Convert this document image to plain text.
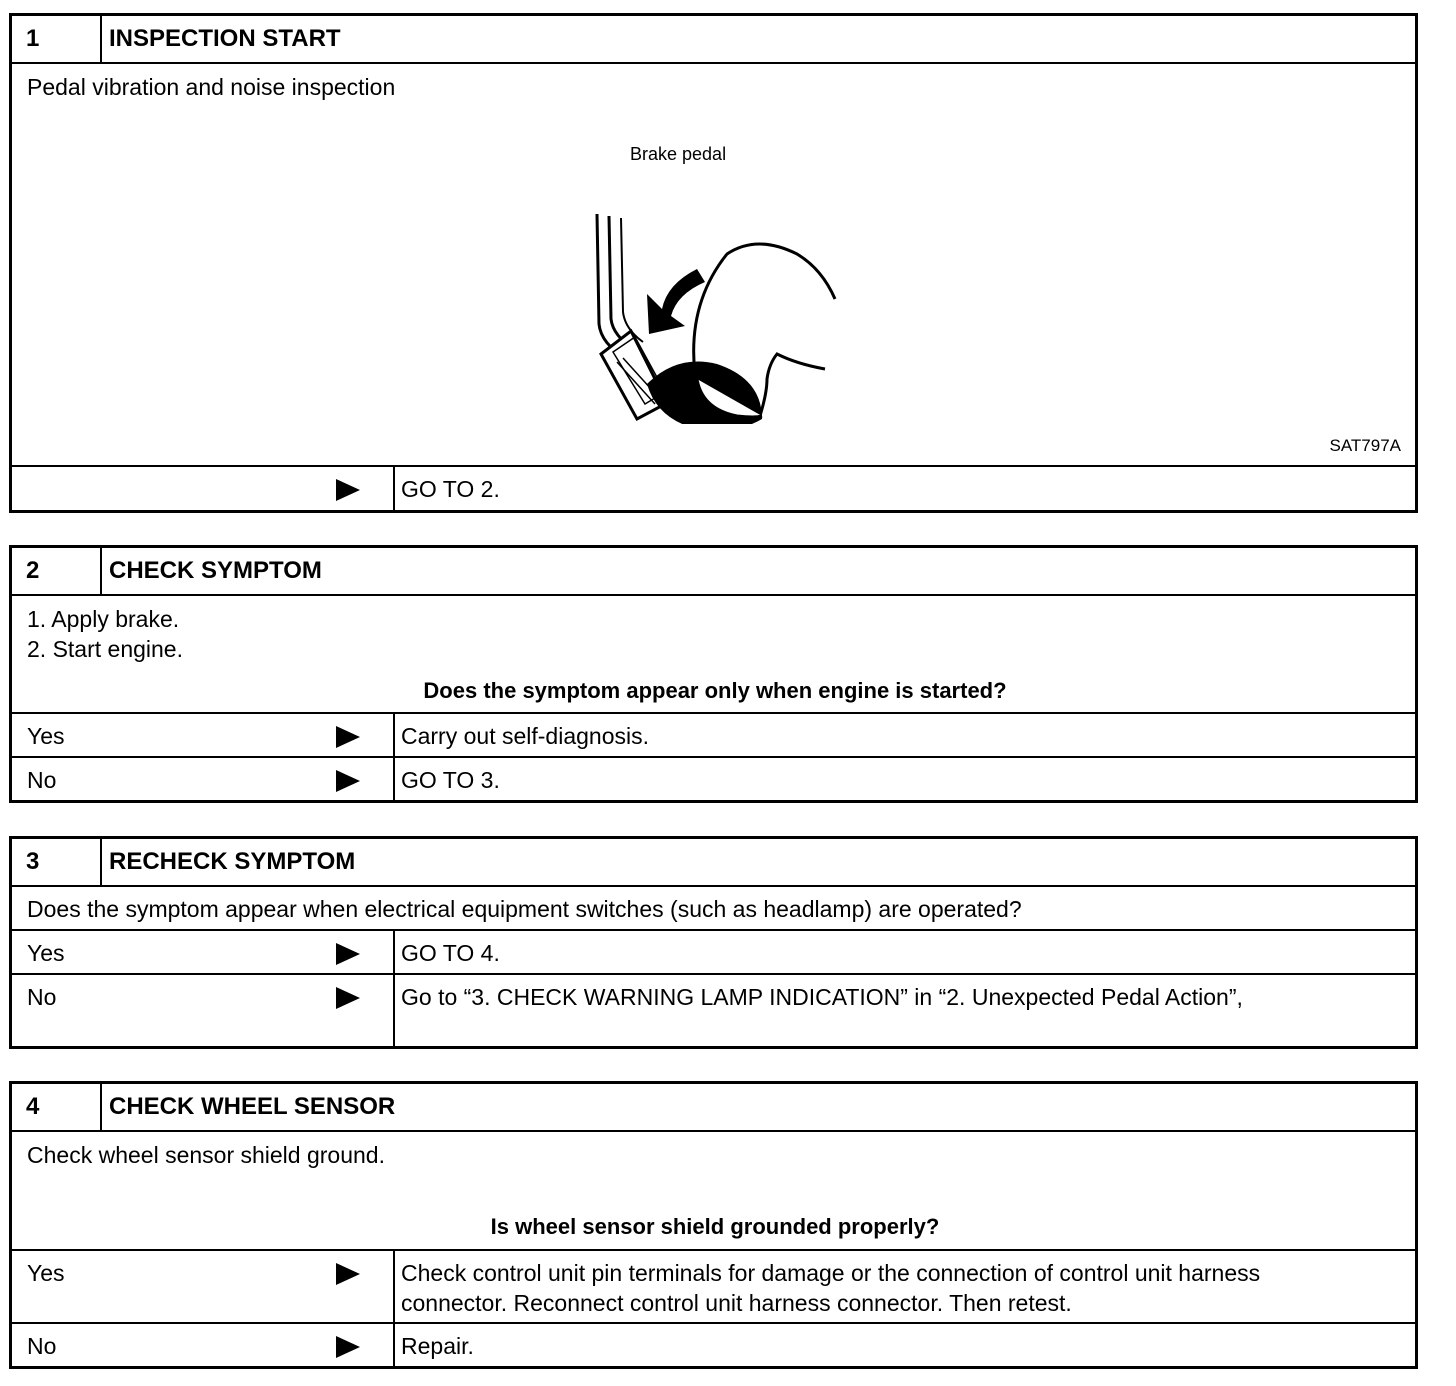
1	INSPECTION START
Pedal vibration and noise inspection
Brake pedal
SAT797A
GO TO 2.
2	CHECK SYMPTOM
1. Apply brake.
2. Start engine.
Does the symptom appear only when engine is started?
Yes	Carry out self-diagnosis.
No	GO TO 3.
3	RECHECK SYMPTOM
Does the symptom appear when electrical equipment switches (such as headlamp) are operated?
Yes	GO TO 4.
No	Go to “3. CHECK WARNING LAMP INDICATION” in “2. Unexpected Pedal Action”,
4	CHECK WHEEL SENSOR
Check wheel sensor shield ground.
Is wheel sensor shield grounded properly?
Yes	Check control unit pin terminals for damage or the connection of control unit harness
connector. Reconnect control unit harness connector. Then retest.
No	Repair.
